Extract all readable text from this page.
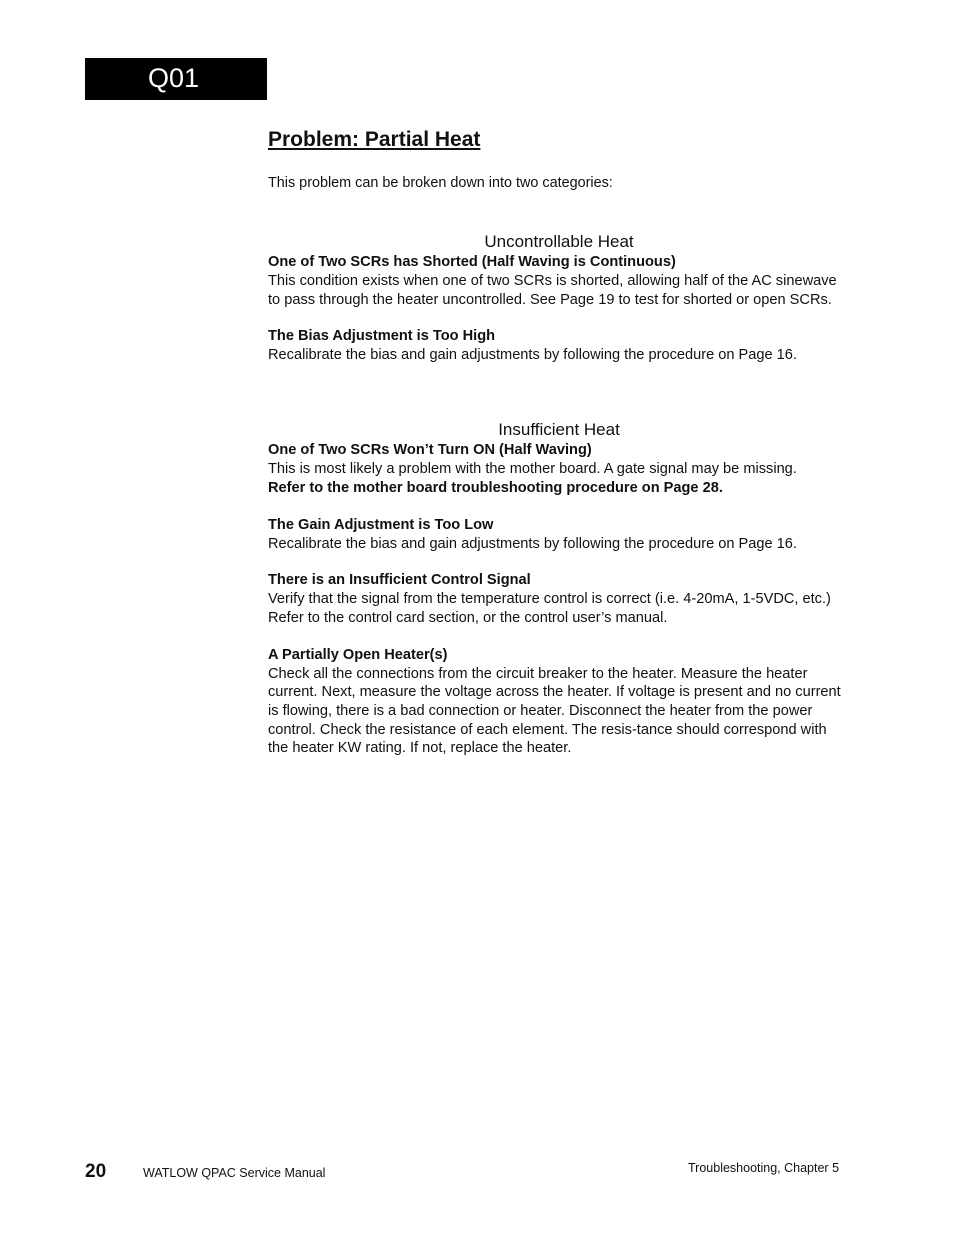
Q01
Problem: Partial Heat

This problem can be broken down into two categories:

Uncontrollable Heat
One of Two SCRs has Shorted (Half Waving is Continuous)
This condition exists when one of two SCRs is shorted, allowing half of the AC sinewave to pass through the heater uncontrolled. See Page 19 to test for shorted or open SCRs.
The Bias Adjustment is Too High
Recalibrate the bias and gain adjustments by following the procedure on Page 16.
Insufficient Heat
One of Two SCRs Won’t Turn ON (Half Waving)
This is most likely a problem with the mother board. A gate signal may be missing.
Refer to the mother board troubleshooting procedure on Page 28.
The Gain Adjustment is Too Low
Recalibrate the bias and gain adjustments by following the procedure on Page 16.
There is an Insufficient Control Signal
Verify that the signal from the temperature control is correct (i.e. 4-20mA, 1-5VDC, etc.) Refer to the control card section, or the control user’s manual.
A Partially Open Heater(s)
Check all the connections from the circuit breaker to the heater. Measure the heater current. Next, measure the voltage across the heater. If voltage is present and no current is flowing, there is a bad connection or heater. Disconnect the heater from the power control. Check the resistance of each element. The resis-tance should correspond with the heater KW rating. If not, replace the heater.
20	WATLOW QPAC Service Manual	Troubleshooting, Chapter 5
